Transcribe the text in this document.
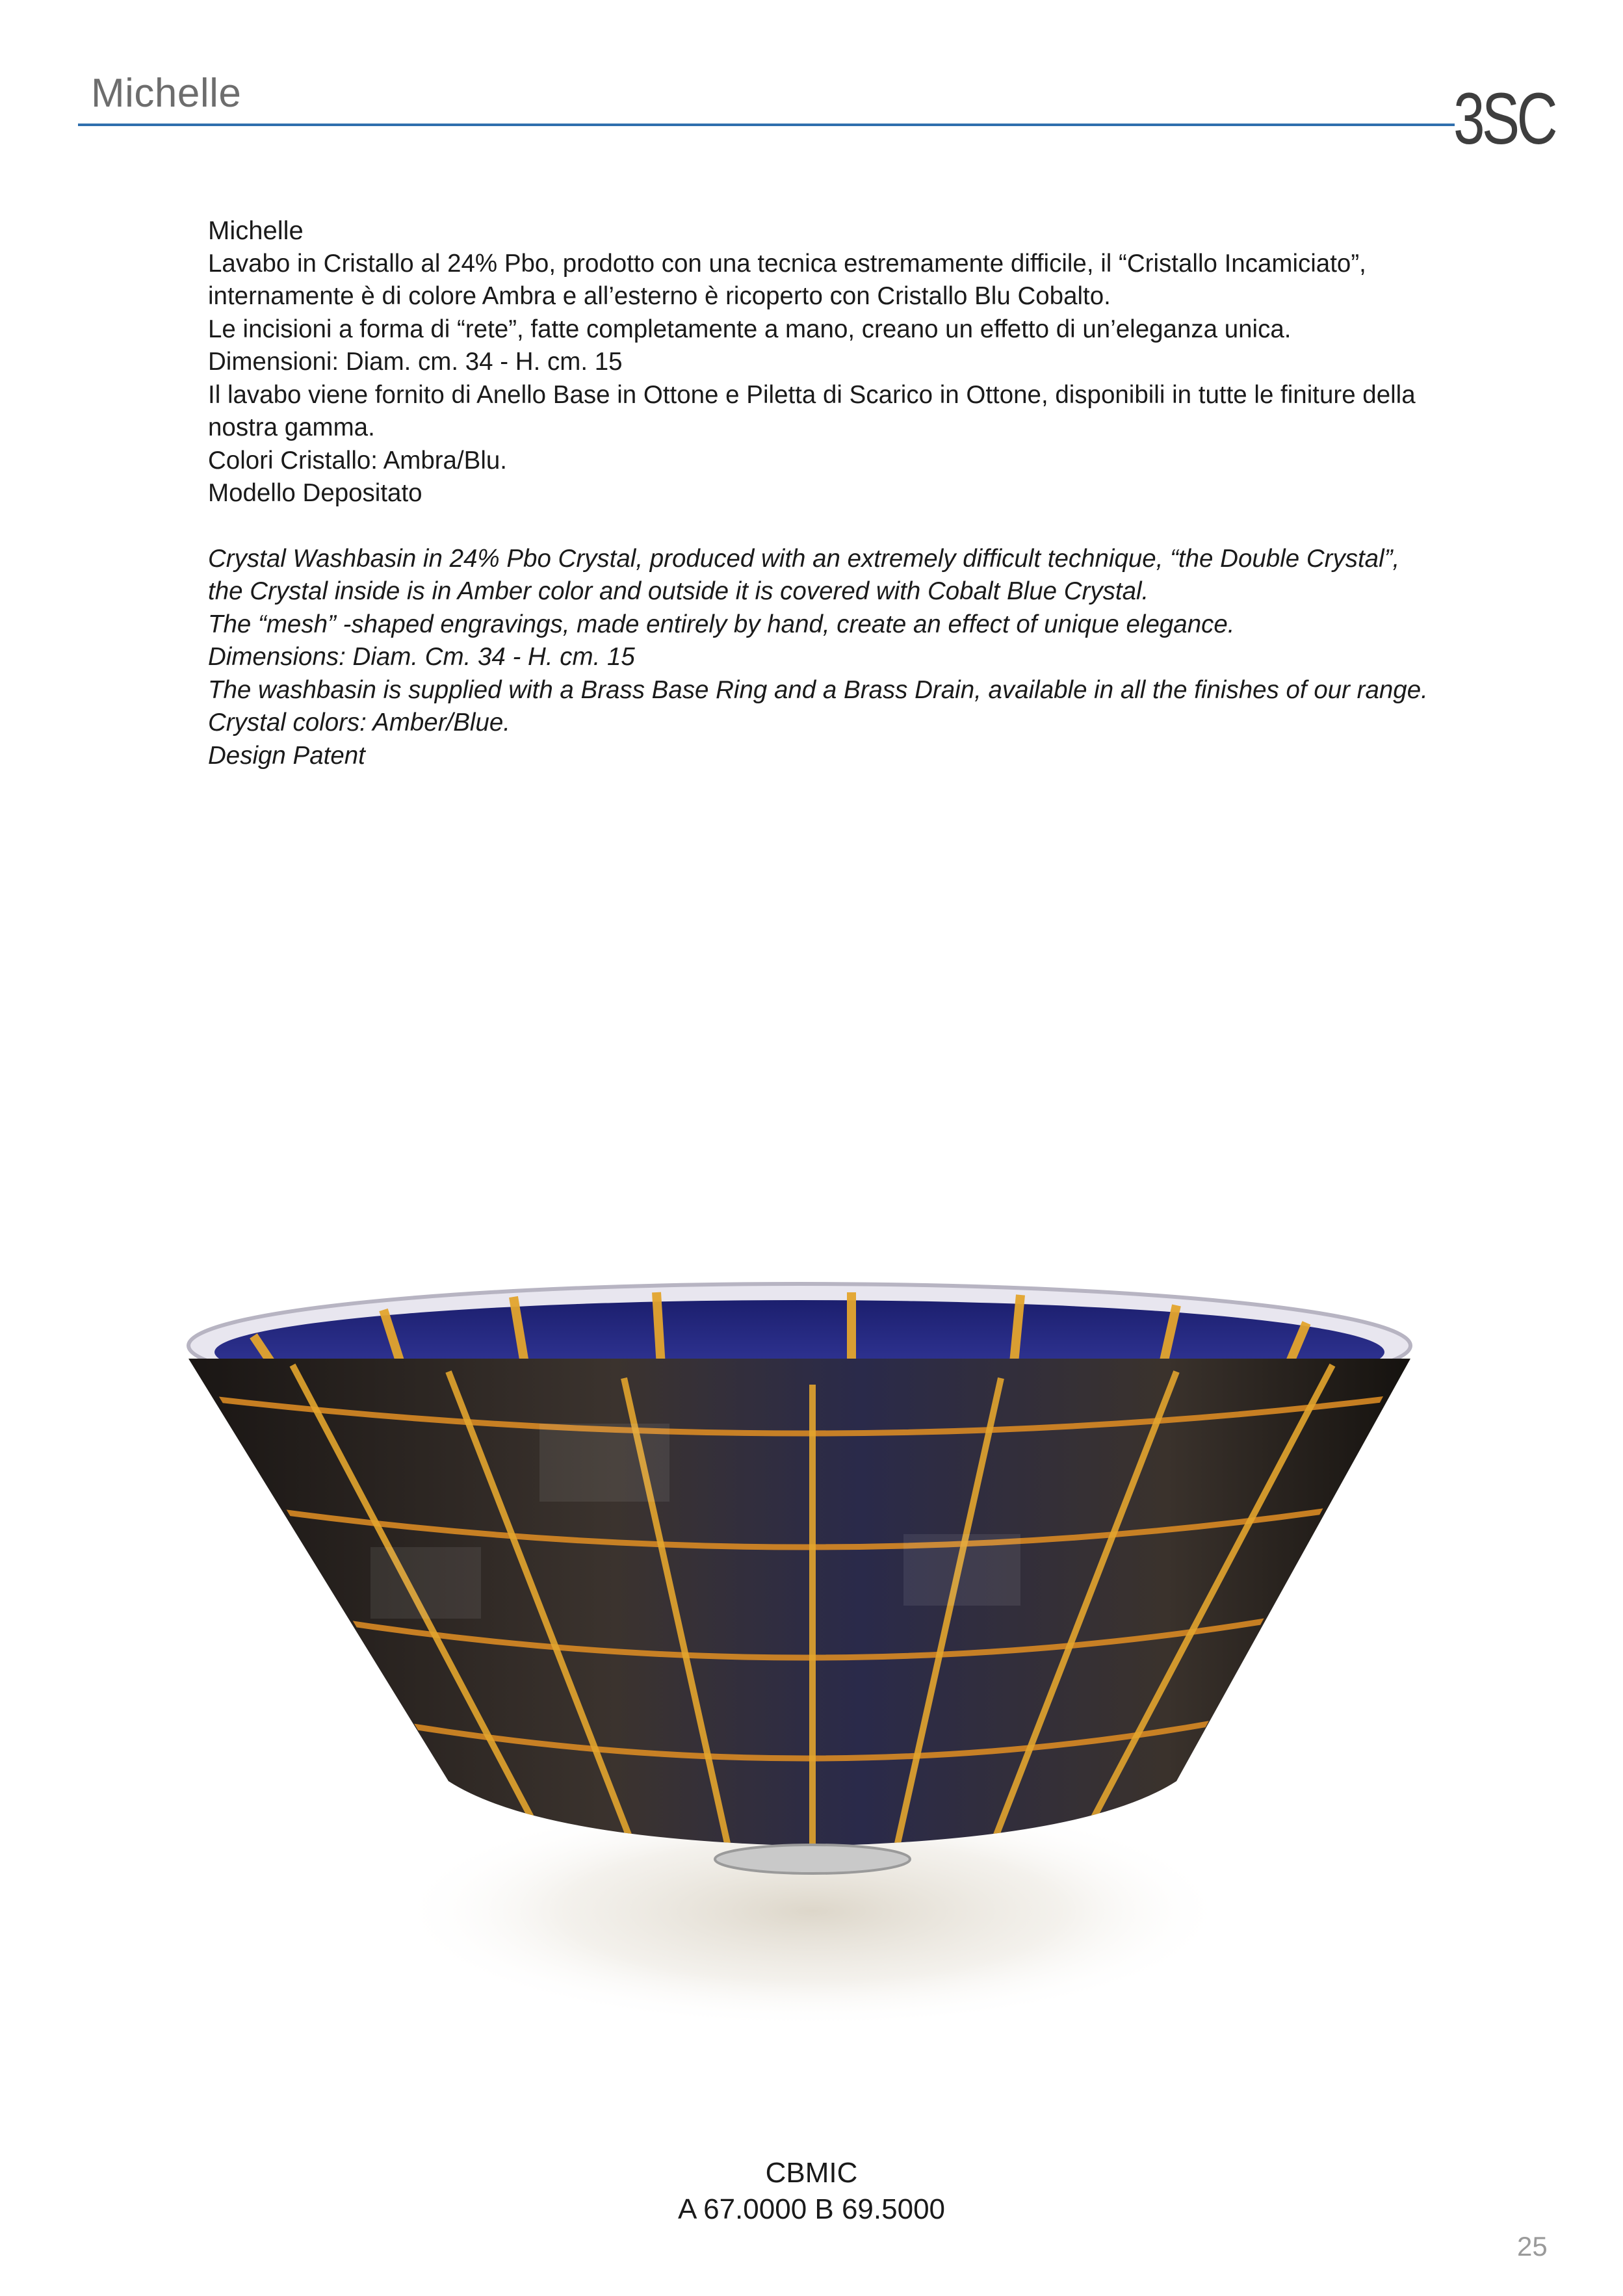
Michelle	3SC

Michelle

Lavabo in Cristallo al 24% Pbo, prodotto con una tecnica estremamente difficile, il “Cristallo Incamiciato”,

internamente è di colore Ambra e all’esterno è ricoperto con Cristallo Blu Cobalto.

Le incisioni a forma di “rete”, fatte completamente a mano, creano un effetto di un’eleganza unica.

Dimensioni: Diam. cm. 34 - H. cm. 15

Il lavabo viene fornito di Anello Base in Ottone e Piletta di Scarico in Ottone, disponibili in tutte le finiture della

nostra gamma.

Colori Cristallo: Ambra/Blu.

Modello Depositato

Crystal Washbasin in 24% Pbo Crystal, produced with an extremely difficult technique, “the Double Crystal”,

the Crystal inside is in Amber color and outside it is covered with Cobalt Blue Crystal.

The “mesh” -shaped engravings, made entirely by hand, create an effect of unique elegance.

Dimensions: Diam. Cm. 34 - H. cm. 15

The washbasin is supplied with a Brass Base Ring and a Brass Drain, available in all the finishes of our range.

Crystal colors: Amber/Blue.

Design Patent

CBMIC
A 67.0000 B 69.5000
25
